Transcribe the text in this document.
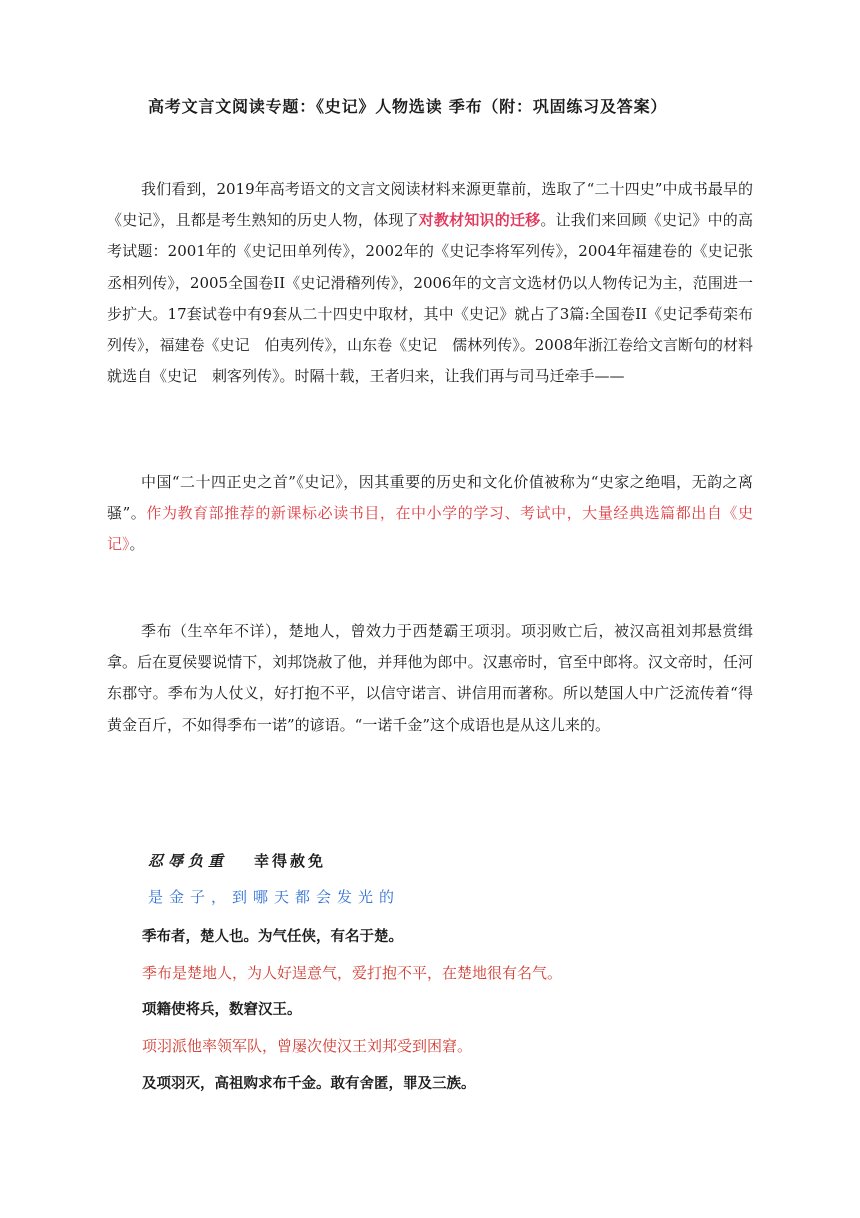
高考文言文阅读专题：《史记》人物选读 季布（附：巩固练习及答案）

我们看到，2019年高考语文的文言文阅读材料来源更靠前，选取了“二十四史”中成书最早的《史记》，且都是考生熟知的历史人物，体现了对教材知识的迁移。让我们来回顾《史记》中的高考试题：2001年的《史记田单列传》，2002年的《史记李将军列传》，2004年福建卷的《史记张丞相列传》，2005全国卷II《史记滑稽列传》，2006年的文言文选材仍以人物传记为主，范围进一步扩大。17套试卷中有9套从二十四史中取材，其中《史记》就占了3篇:全国卷II《史记季荀栾布列传》，福建卷《史记　伯夷列传》，山东卷《史记　儒林列传》。2008年浙江卷给文言断句的材料就选自《史记　刺客列传》。时隔十载，王者归来，让我们再与司马迁牵手——

中国“二十四正史之首”《史记》，因其重要的历史和文化价值被称为“史家之绝唱，无韵之离骚”。作为教育部推荐的新课标必读书目，在中小学的学习、考试中，大量经典选篇都出自《史记》。

季布（生卒年不详），楚地人，曾效力于西楚霸王项羽。项羽败亡后，被汉高祖刘邦悬赏缉拿。后在夏侯婴说情下，刘邦饶赦了他，并拜他为郎中。汉惠帝时，官至中郎将。汉文帝时，任河东郡守。季布为人仗义，好打抱不平，以信守诺言、讲信用而著称。所以楚国人中广泛流传着“得黄金百斤，不如得季布一诺”的谚语。“一诺千金”这个成语也是从这儿来的。

忍辱负重 幸得赦免
是金子，到哪天都会发光的
季布者，楚人也。为气任侠，有名于楚。
季布是楚地人，为人好逞意气，爱打抱不平，在楚地很有名气。
项籍使将兵，数窘汉王。
项羽派他率领军队，曾屡次使汉王刘邦受到困窘。
及项羽灭，高祖购求布千金。敢有舍匿，罪及三族。
